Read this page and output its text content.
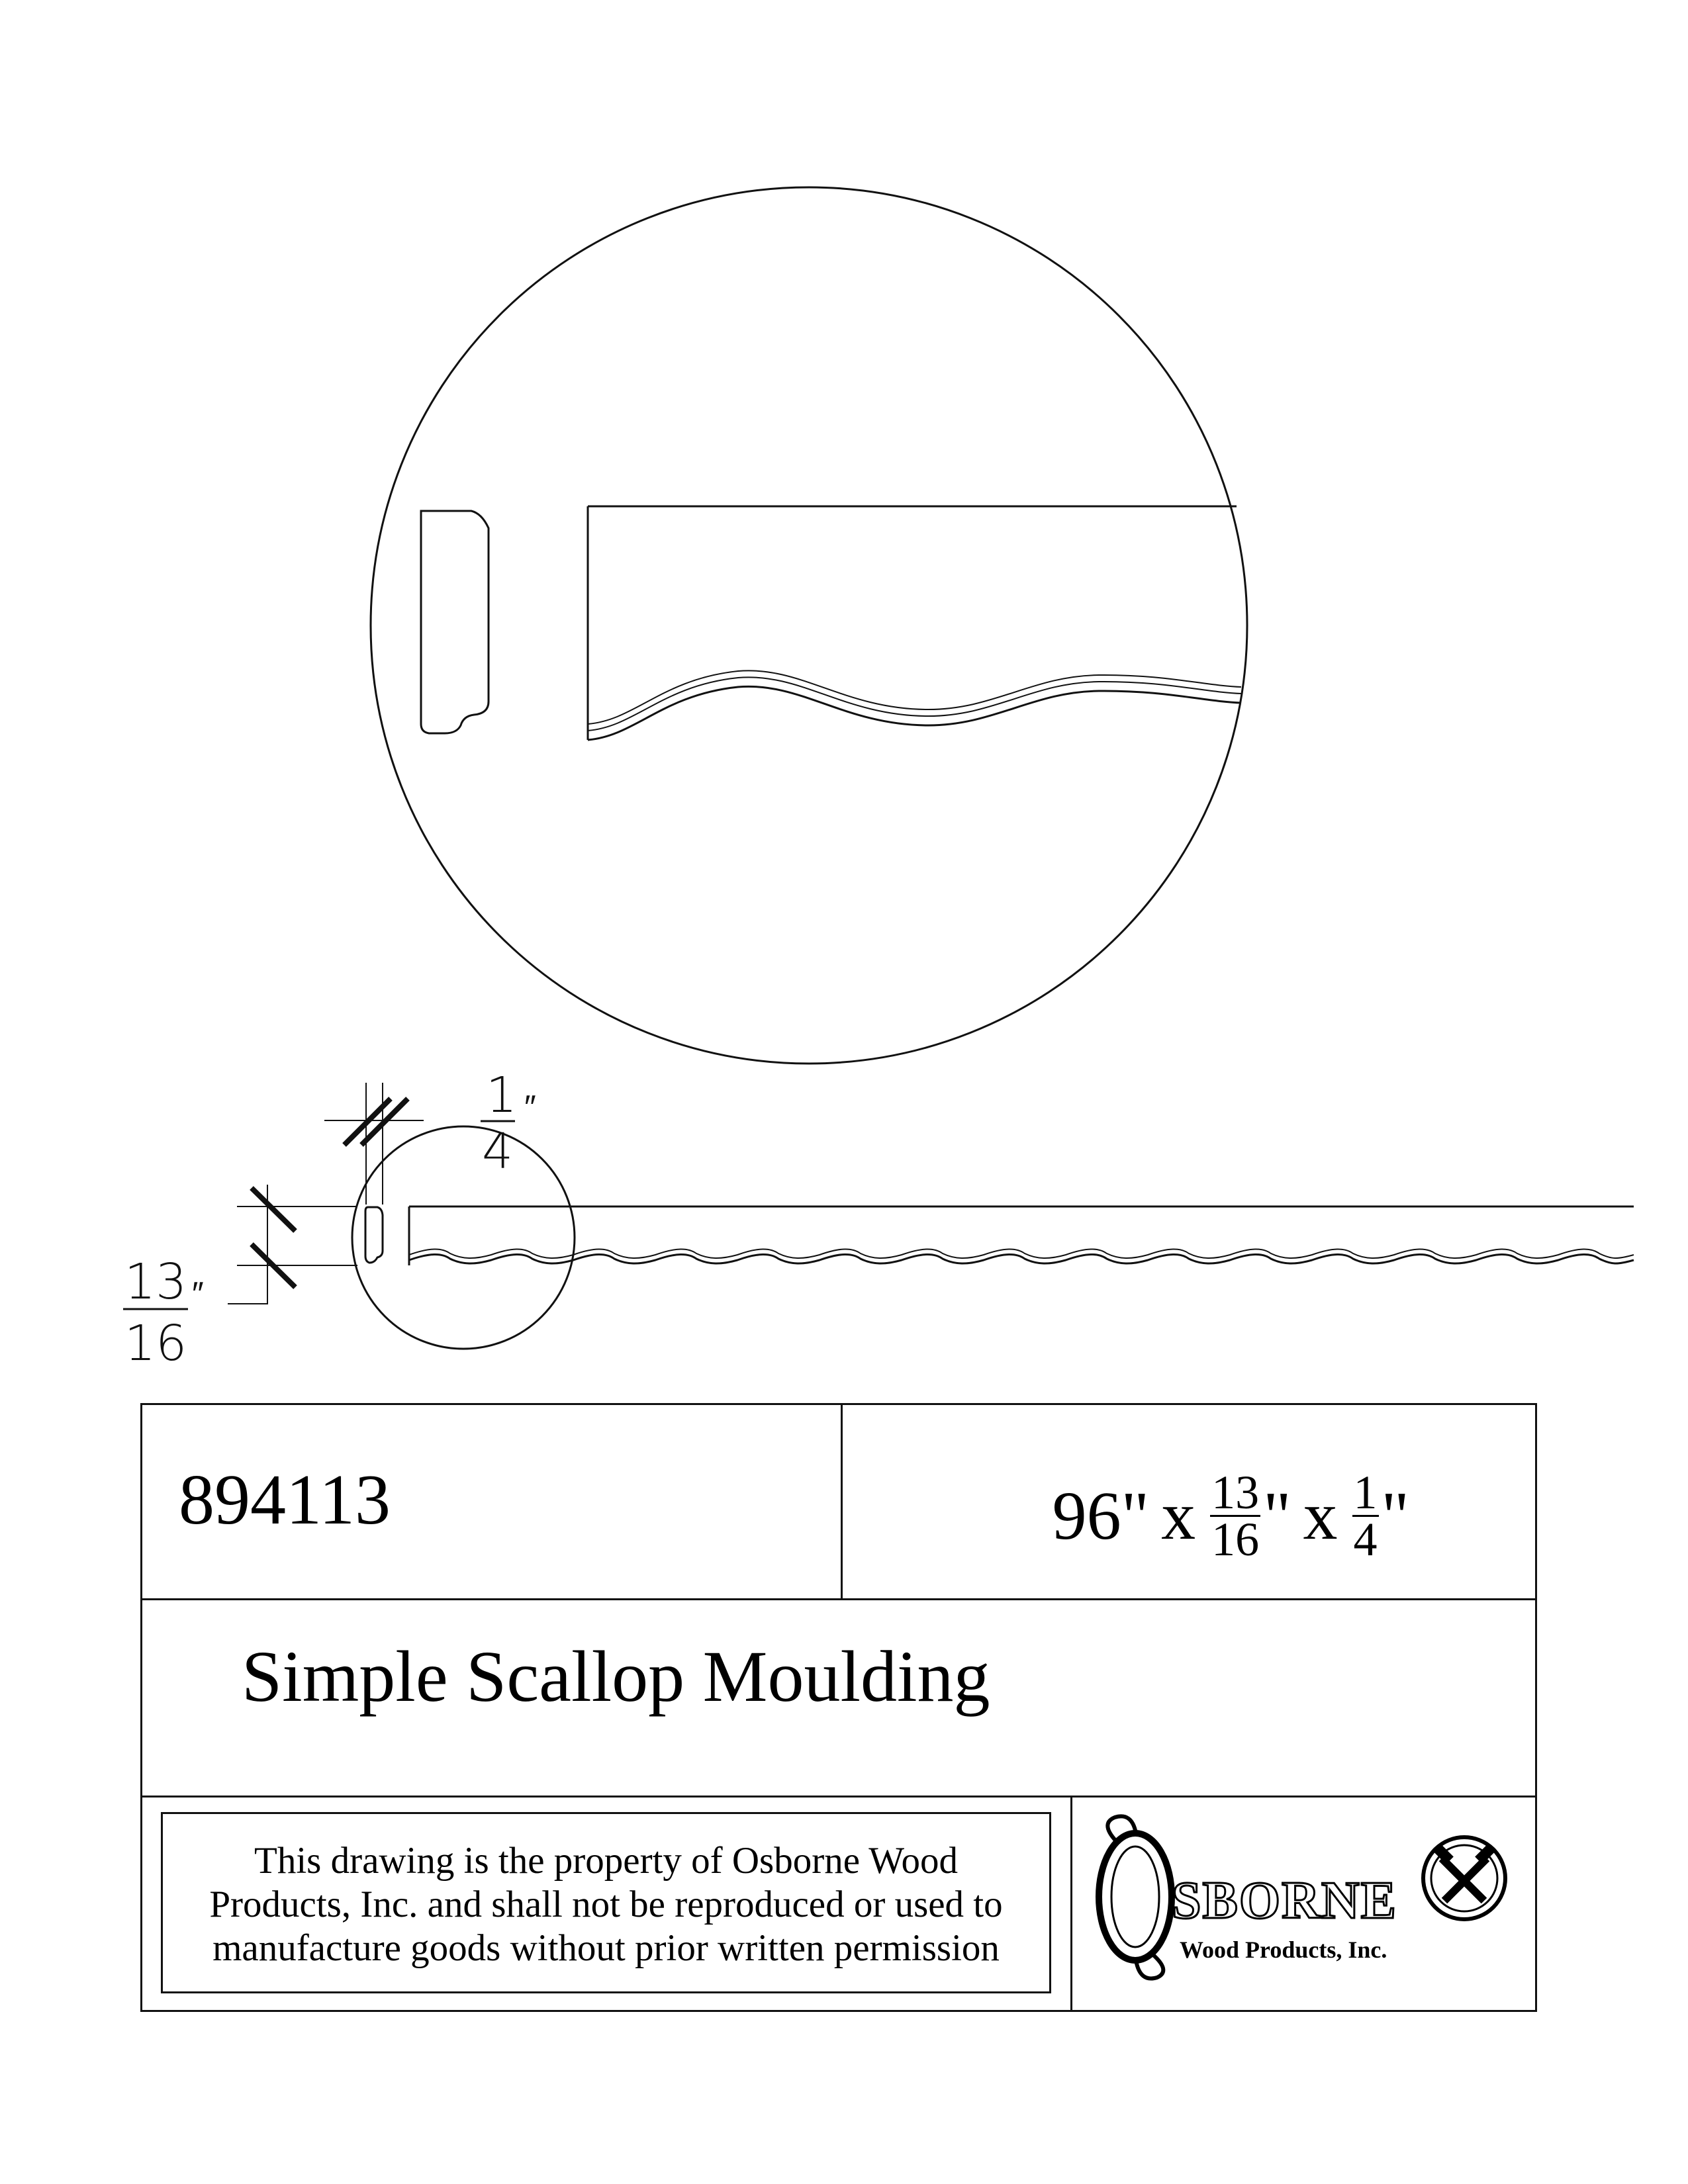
13
16
″
1
4
″
894113	96" x $\frac{13}{16}$ " x $\frac{1}{4}$ "
Simple Scallop Moulding
This drawing is the property of Osborne Wood
Products, Inc. and shall not be reproduced or used to
manufacture goods without prior written permission
SBORNE
Wood Products, Inc.
